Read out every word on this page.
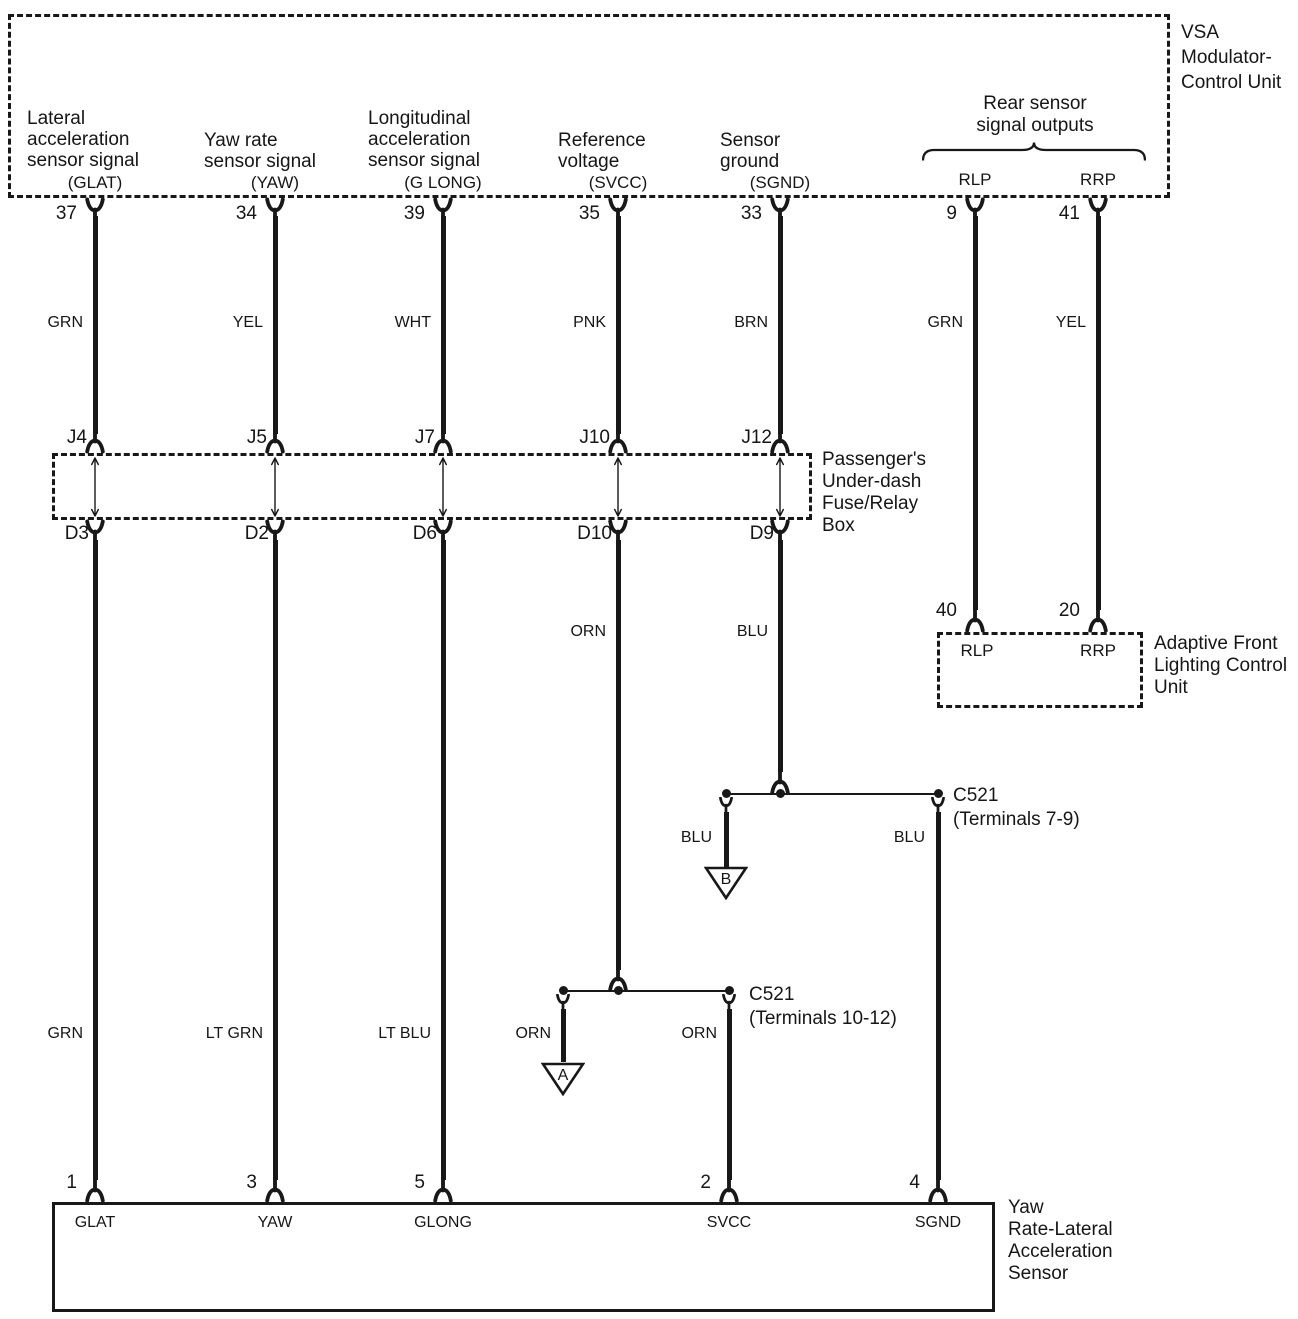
VSA
Modulator-
Control Unit
Lateral
acceleration
sensor signal
Yaw rate
sensor signal
Longitudinal
acceleration
sensor signal
Reference
voltage
Sensor
ground
(GLAT)	(YAW)	(G LONG)	(SVCC)	(SGND)
Rear sensor
signal outputs
RLP	RRP
37	34	39	35	33	9	41
GRN	YEL	WHT	PNK	BRN	GRN	YEL
J4	J5	J7	J10	J12
Passenger's
Under-dash
Fuse/Relay
Box
D3	D2	D6	D10	D9
ORN	BLU
40	20
RLP	RRP	Adaptive Front
Lighting Control
Unit
C521
(Terminals 7-9)
BLU	BLU
B
C521
(Terminals 10-12)
ORN	ORN
A
GRN	LT GRN	LT BLU
1	3	5	2	4
GLAT	YAW	GLONG	SVCC	SGND
Yaw
Rate-Lateral
Acceleration
Sensor
